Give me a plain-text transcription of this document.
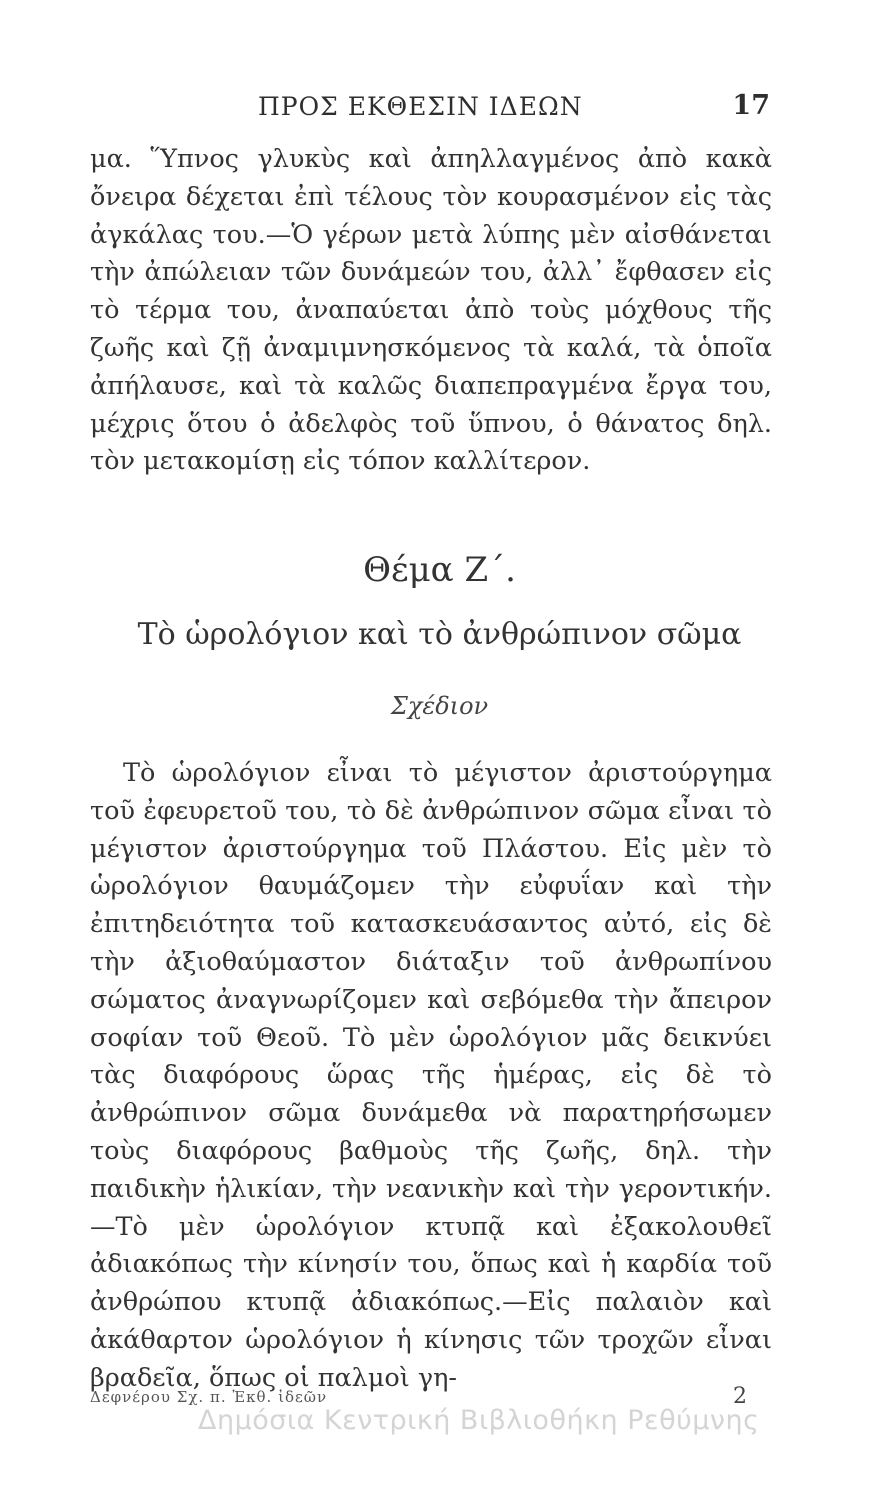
ΠΡΟΣ ΕΚΘΕΣΙΝ ΙΔΕΩΝ	17

μα. Ὕπνος γλυκὺς καὶ ἀπηλλαγμένος ἀπὸ κακὰ ὄνειρα δέχεται ἐπὶ τέλους τὸν κουρασμένον εἰς τὰς ἀγκάλας του.—Ὁ γέρων μετὰ λύπης μὲν αἰσθάνεται τὴν ἀπώλειαν τῶν δυνάμεών του, ἀλλ᾽ ἔφθασεν εἰς τὸ τέρμα του, ἀναπαύεται ἀπὸ τοὺς μόχθους τῆς ζωῆς καὶ ζῇ ἀναμιμνησκόμενος τὰ καλά, τὰ ὁποῖα ἀπήλαυσε, καὶ τὰ καλῶς διαπεπραγμένα ἔργα του, μέχρις ὅτου ὁ ἀδελφὸς τοῦ ὕπνου, ὁ θάνατος δηλ. τὸν μετακομίσῃ εἰς τόπον καλλίτερον.

Θέμα Ζ΄.
Τὸ ὡρολόγιον καὶ τὸ ἀνθρώπινον σῶμα
Σχέδιον

Τὸ ὡρολόγιον εἶναι τὸ μέγιστον ἀριστούργημα τοῦ ἐφευρετοῦ του, τὸ δὲ ἀνθρώπινον σῶμα εἶναι τὸ μέγιστον ἀριστούργημα τοῦ Πλάστου. Εἰς μὲν τὸ ὡρολόγιον θαυμάζομεν τὴν εὐφυΐαν καὶ τὴν ἐπιτηδειότητα τοῦ κατασκευάσαντος αὐτό, εἰς δὲ τὴν ἀξιοθαύμαστον διάταξιν τοῦ ἀνθρωπίνου σώματος ἀναγνωρίζομεν καὶ σεβόμεθα τὴν ἄπειρον σοφίαν τοῦ Θεοῦ. Τὸ μὲν ὡρολόγιον μᾶς δεικνύει τὰς διαφόρους ὥρας τῆς ἡμέρας, εἰς δὲ τὸ ἀνθρώπινον σῶμα δυνάμεθα νὰ παρατηρήσωμεν τοὺς διαφόρους βαθμοὺς τῆς ζωῆς, δηλ. τὴν παιδικὴν ἡλικίαν, τὴν νεανικὴν καὶ τὴν γεροντικήν.—Τὸ μὲν ὡρολόγιον κτυπᾷ καὶ ἐξακολουθεῖ ἀδιακόπως τὴν κίνησίν του, ὅπως καὶ ἡ καρδία τοῦ ἀνθρώπου κτυπᾷ ἀδιακόπως.—Εἰς παλαιὸν καὶ ἀκάθαρτον ὡρολόγιον ἡ κίνησις τῶν τροχῶν εἶναι βραδεῖα, ὅπως οἱ παλμοὶ γη-

Δεφνέρου Σχ. π. Ἐκθ. ἰδεῶν	2
Δημόσια Κεντρική Βιβλιοθήκη Ρεθύμνης
